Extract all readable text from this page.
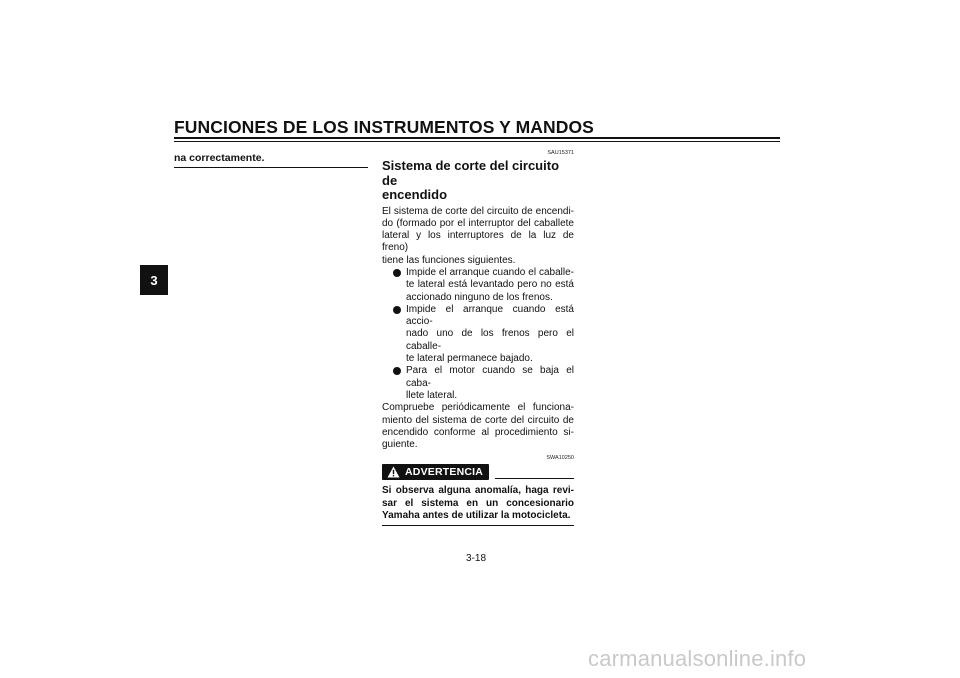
FUNCIONES DE LOS INSTRUMENTOS Y MANDOS
3
na correctamente.	SAU15371
Sistema de corte del circuito de
encendido
El sistema de corte del circuito de encendi-
do (formado por el interruptor del caballete
lateral y los interruptores de la luz de freno)
tiene las funciones siguientes.
Impide el arranque cuando el caballe-
te lateral está levantado pero no está
accionado ninguno de los frenos.
Impide el arranque cuando está accio-
nado uno de los frenos pero el caballe-
te lateral permanece bajado.
Para el motor cuando se baja el caba-
llete lateral.
Compruebe periódicamente el funciona-
miento del sistema de corte del circuito de
encendido conforme al procedimiento si-
guiente.
SWA10250
ADVERTENCIA
Si observa alguna anomalía, haga revi-
sar el sistema en un concesionario
Yamaha antes de utilizar la motocicleta.
3-18
carmanualsonline.info
